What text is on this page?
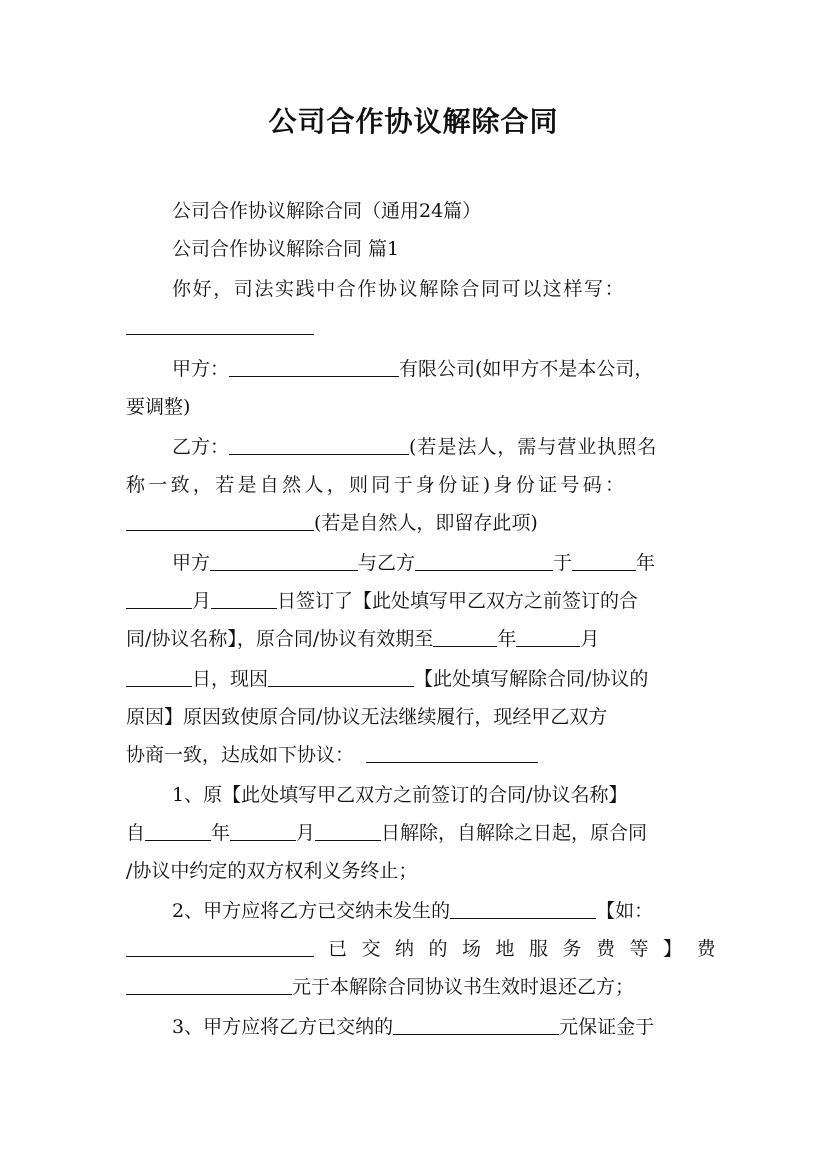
公司合作协议解除合同
公司合作协议解除合同（通用24篇）
公司合作协议解除合同 篇1
你好，司法实践中合作协议解除合同可以这样写：
甲方：	有限公司(如甲方不是本公司，
要调整)
乙方：	(若是法人，需与营业执照名
称一致，若是自然人，则同于身份证)身份证号码：
(若是自然人，即留存此项)
甲方	与乙方	于	年
月	日签订了【此处填写甲乙双方之前签订的合
同/协议名称】，原合同/协议有效期至	年	月
日，现因	【此处填写解除合同/协议的
原因】原因致使原合同/协议无法继续履行，现经甲乙双方
协商一致，达成如下协议：
1、原【此处填写甲乙双方之前签订的合同/协议名称】
自	年	月	日解除，自解除之日起，原合同
/协议中约定的双方权利义务终止；
2、甲方应将乙方已交纳未发生的	【如：
已交纳的场地服务费等】费
元于本解除合同协议书生效时退还乙方；
3、甲方应将乙方已交纳的	元保证金于
